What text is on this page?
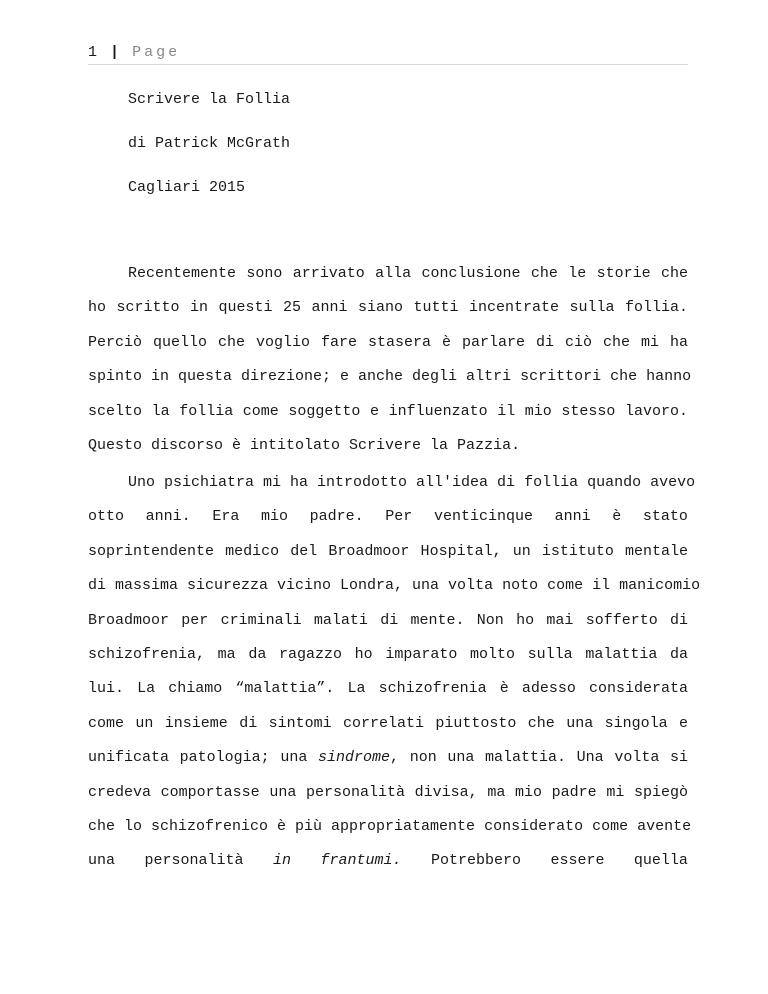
1 | Page
Scrivere la Follia
di Patrick McGrath
Cagliari 2015
Recentemente sono arrivato alla conclusione che le storie che
ho scritto in questi 25 anni siano tutti incentrate sulla follia.
Perciò quello che voglio fare stasera è parlare di ciò che mi ha
spinto in questa direzione; e anche degli altri scrittori che hanno
scelto la follia come soggetto e influenzato il mio stesso lavoro.
Questo discorso è intitolato Scrivere la Pazzia.
Uno psichiatra mi ha introdotto all'idea di follia quando avevo
otto anni. Era mio padre. Per venticinque anni è stato
soprintendente medico del Broadmoor Hospital, un istituto mentale
di massima sicurezza vicino Londra, una volta noto come il manicomio
Broadmoor per criminali malati di mente. Non ho mai sofferto di
schizofrenia, ma da ragazzo ho imparato molto sulla malattia da
lui. La chiamo “malattia”. La schizofrenia è adesso considerata
come un insieme di sintomi correlati piuttosto che una singola e
unificata patologia; una sindrome, non una malattia. Una volta si
credeva comportasse una personalità divisa, ma mio padre mi spiegò
che lo schizofrenico è più appropriatamente considerato come avente
una personalità in frantumi. Potrebbero essere quella
